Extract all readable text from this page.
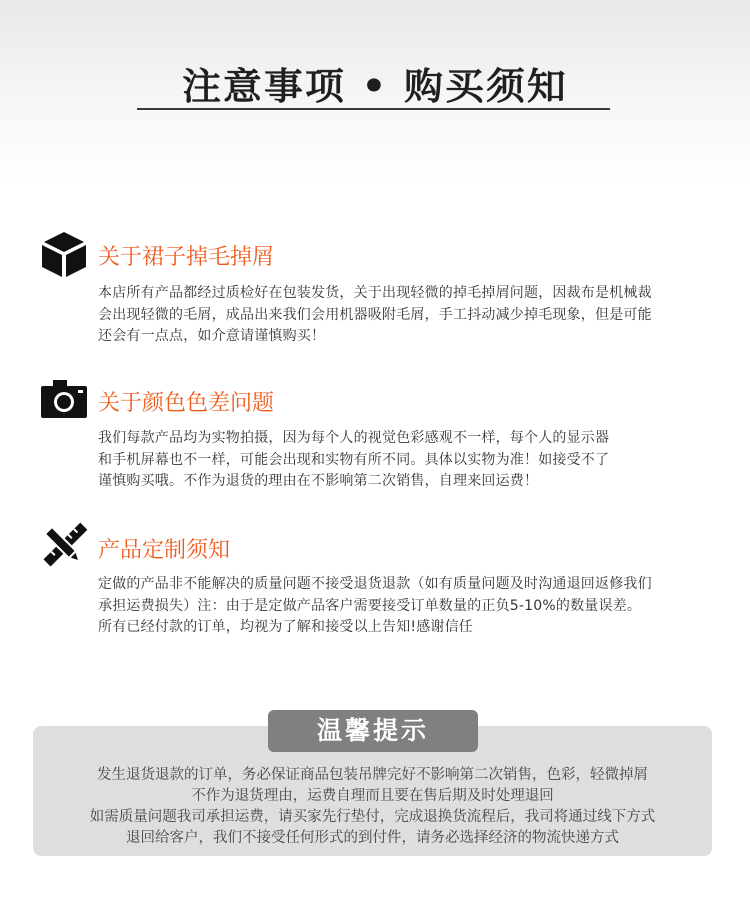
注意事项 • 购买须知
关于裙子掉毛掉屑
本店所有产品都经过质检好在包装发货，关于出现轻微的掉毛掉屑问题，因裁布是机械裁
会出现轻微的毛屑，成品出来我们会用机器吸附毛屑，手工抖动减少掉毛现象，但是可能
还会有一点点，如介意请谨慎购买！
关于颜色色差问题
我们每款产品均为实物拍摄，因为每个人的视觉色彩感观不一样，每个人的显示器
和手机屏幕也不一样，可能会出现和实物有所不同。具体以实物为准！如接受不了
谨慎购买哦。不作为退货的理由在不影响第二次销售，自理来回运费！
产品定制须知
定做的产品非不能解决的质量问题不接受退货退款（如有质量问题及时沟通退回返修我们
承担运费损失）注：由于是定做产品客户需要接受订单数量的正负5-10%的数量误差。
所有已经付款的订单，均视为了解和接受以上告知!感谢信任
温馨提示
发生退货退款的订单，务必保证商品包装吊牌完好不影响第二次销售，色彩，轻微掉屑
不作为退货理由，运费自理而且要在售后期及时处理退回
如需质量问题我司承担运费，请买家先行垫付，完成退换货流程后，我司将通过线下方式
退回给客户，我们不接受任何形式的到付件，请务必选择经济的物流快递方式
